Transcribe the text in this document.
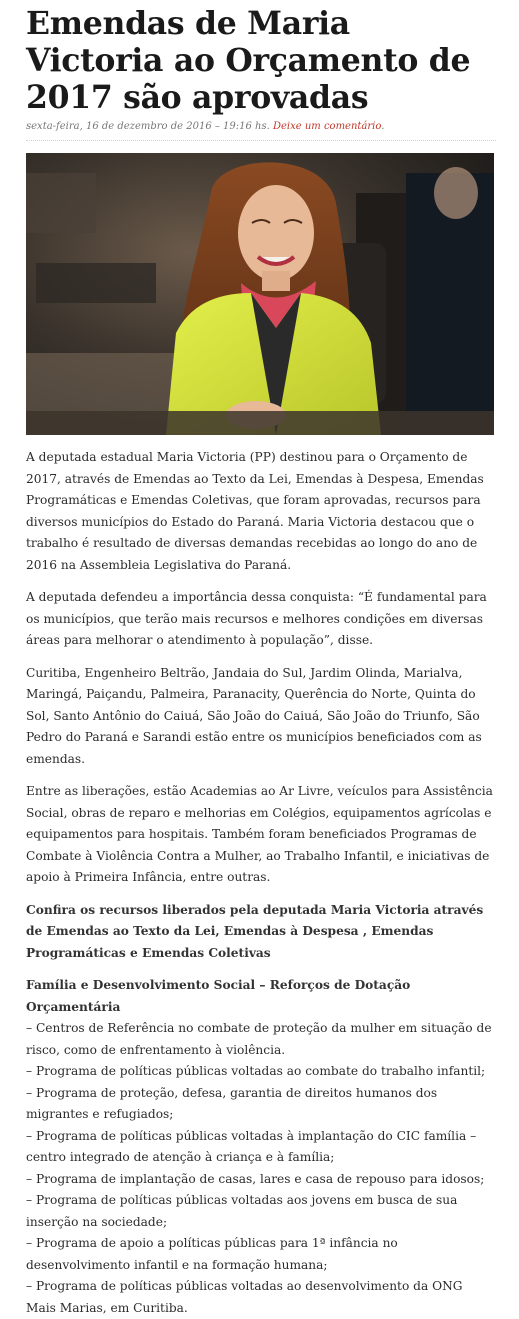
Emendas de Maria Victoria ao Orçamento de 2017 são aprovadas
sexta-feira, 16 de dezembro de 2016 – 19:16 hs. Deixe um comentário.

A deputada estadual Maria Victoria (PP) destinou para o Orçamento de 2017, através de Emendas ao Texto da Lei, Emendas à Despesa, Emendas Programáticas e Emendas Coletivas, que foram aprovadas, recursos para diversos municípios do Estado do Paraná. Maria Victoria destacou que o trabalho é resultado de diversas demandas recebidas ao longo do ano de 2016 na Assembleia Legislativa do Paraná.

A deputada defendeu a importância dessa conquista: “É fundamental para os municípios, que terão mais recursos e melhores condições em diversas áreas para melhorar o atendimento à população”, disse.

Curitiba, Engenheiro Beltrão, Jandaia do Sul, Jardim Olinda, Marialva, Maringá, Paiçandu, Palmeira, Paranacity, Querência do Norte, Quinta do Sol, Santo Antônio do Caiuá, São João do Caiuá, São João do Triunfo, São Pedro do Paraná e Sarandi estão entre os municípios beneficiados com as emendas.

Entre as liberações, estão Academias ao Ar Livre, veículos para Assistência Social, obras de reparo e melhorias em Colégios, equipamentos agrícolas e equipamentos para hospitais. Também foram beneficiados Programas de Combate à Violência Contra a Mulher, ao Trabalho Infantil, e iniciativas de apoio à Primeira Infância, entre outras.

Confira os recursos liberados pela deputada Maria Victoria através de Emendas ao Texto da Lei, Emendas à Despesa , Emendas Programáticas e Emendas Coletivas

Família e Desenvolvimento Social – Reforços de Dotação Orçamentária
– Centros de Referência no combate de proteção da mulher em situação de risco, como de enfrentamento à violência.
– Programa de políticas públicas voltadas ao combate do trabalho infantil;
– Programa de proteção, defesa, garantia de direitos humanos dos migrantes e refugiados;
– Programa de políticas públicas voltadas à implantação do CIC família – centro integrado de atenção à criança e à família;
– Programa de implantação de casas, lares e casa de repouso para idosos;
– Programa de políticas públicas voltadas aos jovens em busca de sua inserção na sociedade;
– Programa de apoio a políticas públicas para 1ª infância no desenvolvimento infantil e na formação humana;
– Programa de políticas públicas voltadas ao desenvolvimento da ONG Mais Marias, em Curitiba.
